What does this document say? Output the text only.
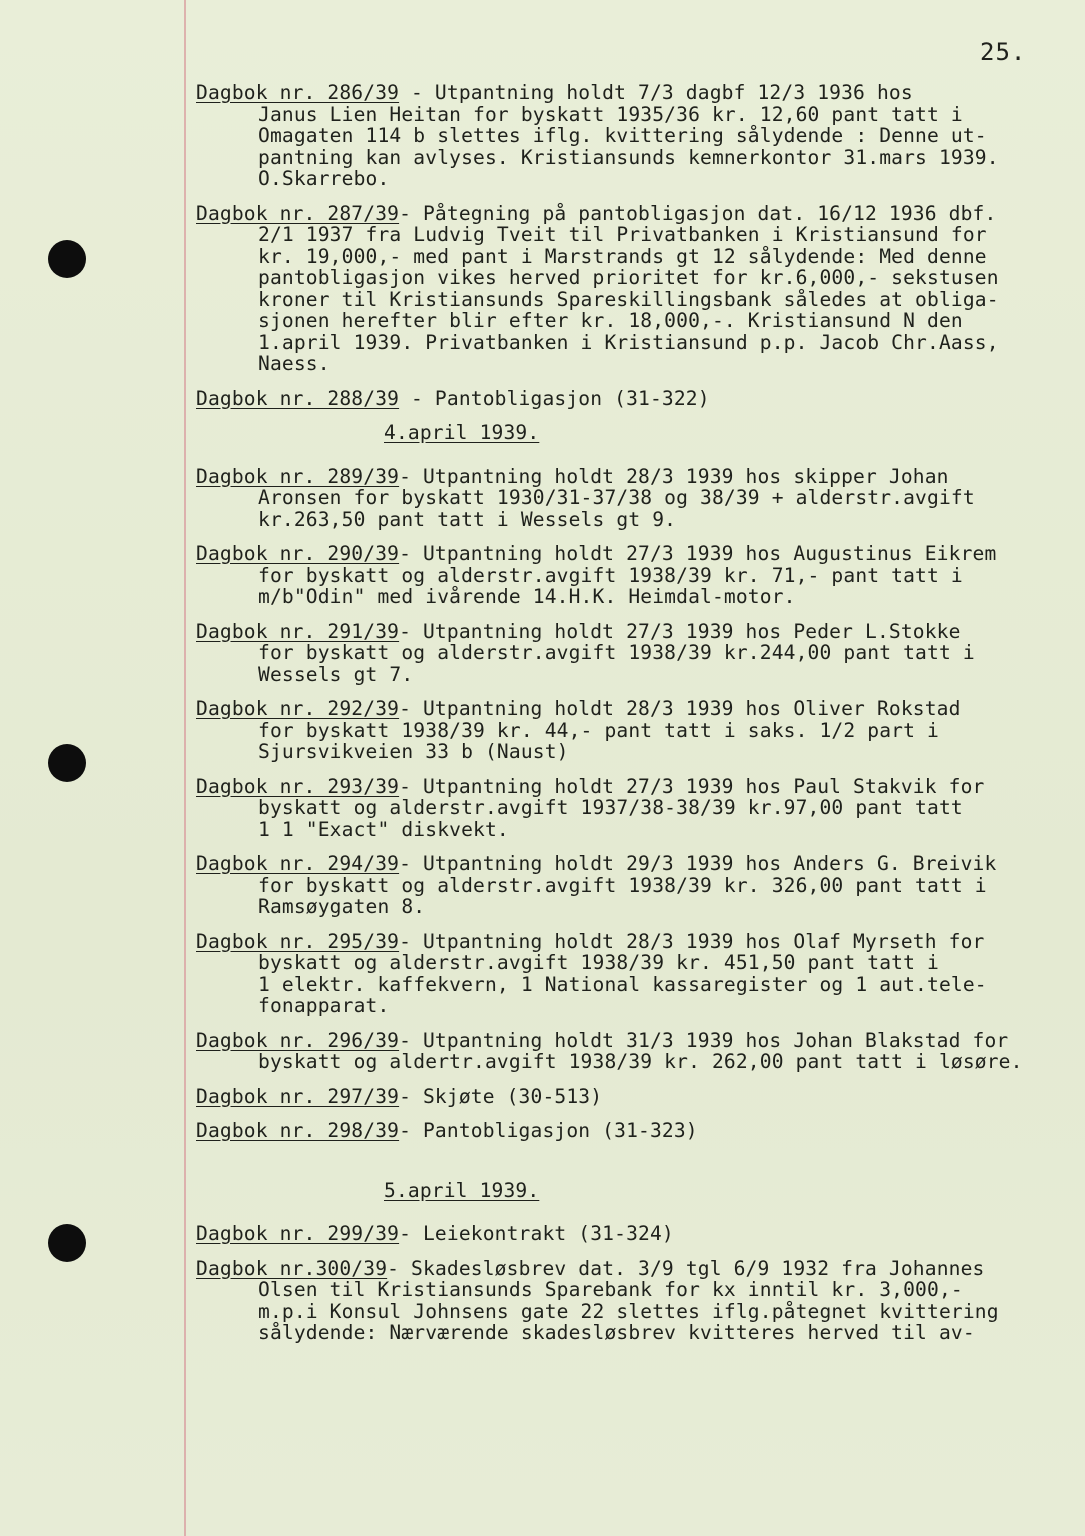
25.
Dagbok nr. 286/39 - Utpantning holdt 7/3 dagbf 12/3 1936 hos
Janus Lien Heitan for byskatt 1935/36 kr. 12,60 pant tatt i
Omagaten 114 b slettes iflg. kvittering sålydende : Denne ut-
pantning kan avlyses. Kristiansunds kemnerkontor 31.mars 1939.
O.Skarrebo.
Dagbok nr. 287/39- Påtegning på pantobligasjon dat. 16/12 1936 dbf.
2/1 1937 fra Ludvig Tveit til Privatbanken i Kristiansund for
kr. 19,000,- med pant i Marstrands gt 12 sålydende: Med denne
pantobligasjon vikes herved prioritet for kr.6,000,- sekstusen
kroner til Kristiansunds Spareskillingsbank således at obliga-
sjonen herefter blir efter kr. 18,000,-. Kristiansund N den
1.april 1939. Privatbanken i Kristiansund p.p. Jacob Chr.Aass,
Naess.
Dagbok nr. 288/39 - Pantobligasjon (31-322)
4.april 1939.
Dagbok nr. 289/39- Utpantning holdt 28/3 1939 hos skipper Johan
Aronsen for byskatt 1930/31-37/38 og 38/39 + alderstr.avgift
kr.263,50 pant tatt i Wessels gt 9.
Dagbok nr. 290/39- Utpantning holdt 27/3 1939 hos Augustinus Eikrem
for byskatt og alderstr.avgift 1938/39 kr. 71,- pant tatt i
m/b"Odin" med ivårende 14.H.K. Heimdal-motor.
Dagbok nr. 291/39- Utpantning holdt 27/3 1939 hos Peder L.Stokke
for byskatt og alderstr.avgift 1938/39 kr.244,00 pant tatt i
Wessels gt 7.
Dagbok nr. 292/39- Utpantning holdt 28/3 1939 hos Oliver Rokstad
for byskatt 1938/39 kr. 44,- pant tatt i saks. 1/2 part i
Sjursvikveien 33 b (Naust)
Dagbok nr. 293/39- Utpantning holdt 27/3 1939 hos Paul Stakvik for
byskatt og alderstr.avgift 1937/38-38/39 kr.97,00 pant tatt
1 1 "Exact" diskvekt.
Dagbok nr. 294/39- Utpantning holdt 29/3 1939 hos Anders G. Breivik
for byskatt og alderstr.avgift 1938/39 kr. 326,00 pant tatt i
Ramsøygaten 8.
Dagbok nr. 295/39- Utpantning holdt 28/3 1939 hos Olaf Myrseth for
byskatt og alderstr.avgift 1938/39 kr. 451,50 pant tatt i
1 elektr. kaffekvern, 1 National kassaregister og 1 aut.tele-
fonapparat.
Dagbok nr. 296/39- Utpantning holdt 31/3 1939 hos Johan Blakstad for
byskatt og aldertr.avgift 1938/39 kr. 262,00 pant tatt i løsøre.
Dagbok nr. 297/39- Skjøte (30-513)
Dagbok nr. 298/39- Pantobligasjon (31-323)
5.april 1939.
Dagbok nr. 299/39- Leiekontrakt (31-324)
Dagbok nr.300/39- Skadesløsbrev dat. 3/9 tgl 6/9 1932 fra Johannes
Olsen til Kristiansunds Sparebank for kx inntil kr. 3,000,-
m.p.i Konsul Johnsens gate 22 slettes iflg.påtegnet kvittering
sålydende: Nærværende skadesløsbrev kvitteres herved til av-
